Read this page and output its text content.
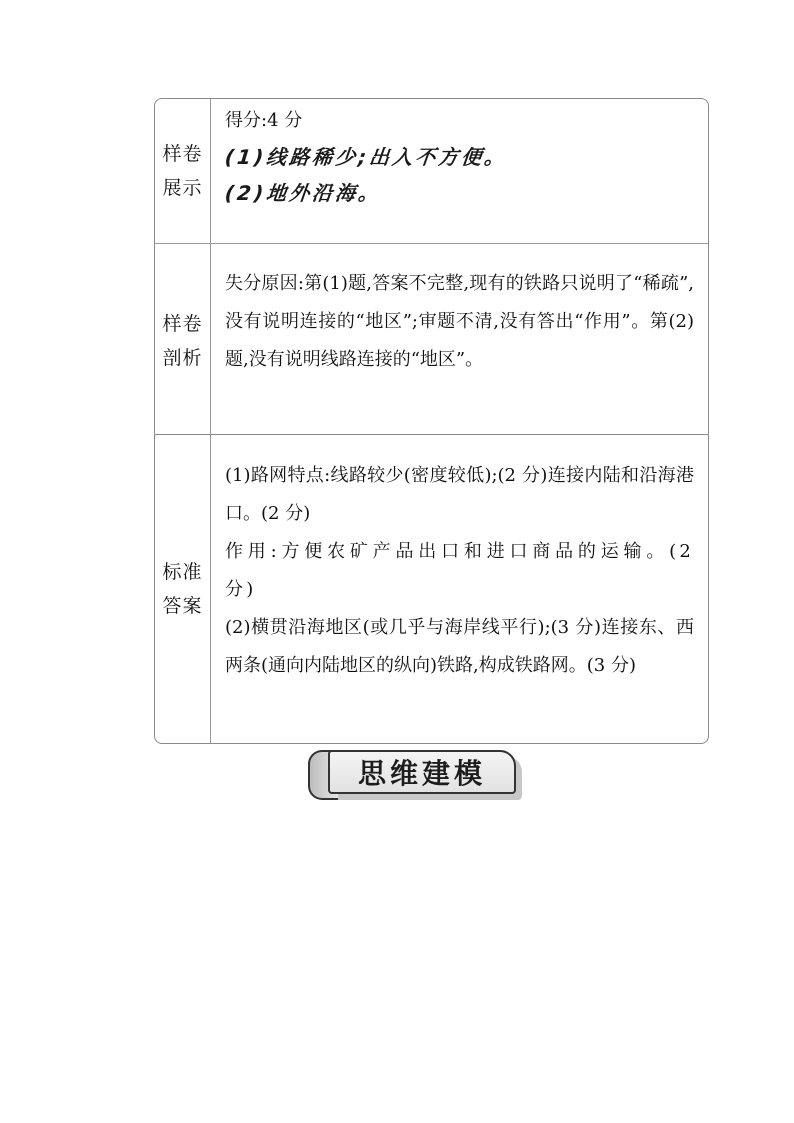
样卷
展示
得分:4 分
(1)线路稀少;出入不方便。
(2)地外沿海。
样卷
剖析
失分原因:第(1)题,答案不完整,现有的铁路只说明了“稀疏”,没有说明连接的“地区”;审题不清,没有答出“作用”。第(2)题,没有说明线路连接的“地区”。
标准
答案

(1)路网特点:线路较少(密度较低);(2 分)连接内陆和沿海港口。(2 分)

作用:方便农矿产品出口和进口商品的运输。(2 分)

(2)横贯沿海地区(或几乎与海岸线平行);(3 分)连接东、西两条(通向内陆地区的纵向)铁路,构成铁路网。(3 分)

思维建模
